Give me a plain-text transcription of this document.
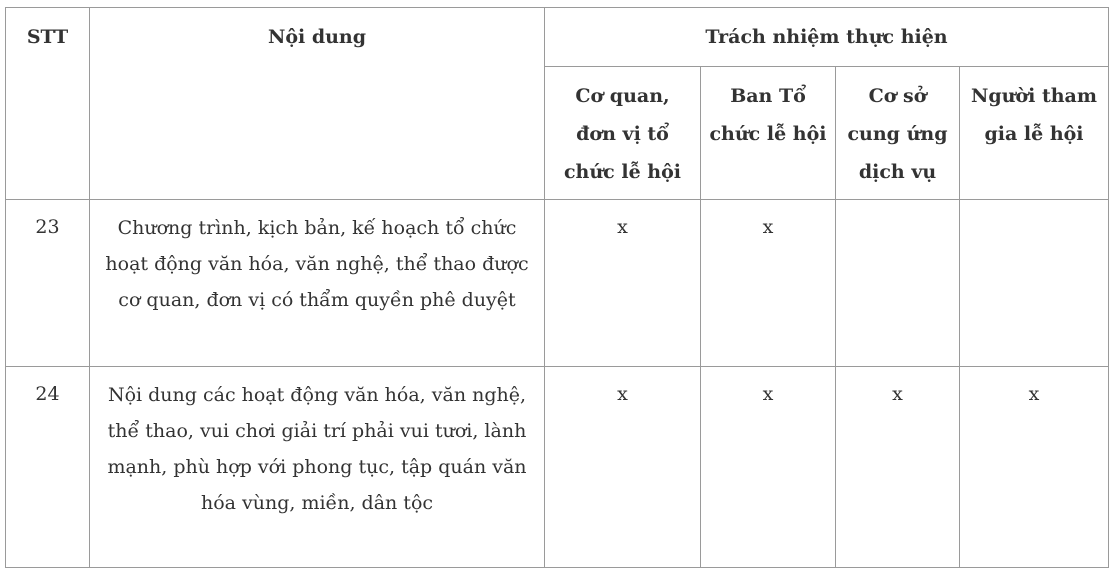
STT	Nội dung	Trách nhiệm thực hiện			
		Cơ quan, đơn vị tổ chức lễ hội	Ban Tổ chức lễ hội	Cơ sở cung ứng dịch vụ	Người tham gia lễ hội
23	Chương trình, kịch bản, kế hoạch tổ chức hoạt động văn hóa, văn nghệ, thể thao được cơ quan, đơn vị có thẩm quyền phê duyệt	x	x		
24	Nội dung các hoạt động văn hóa, văn nghệ, thể thao, vui chơi giải trí phải vui tươi, lành mạnh, phù hợp với phong tục, tập quán văn hóa vùng, miền, dân tộc	x	x	x	x
